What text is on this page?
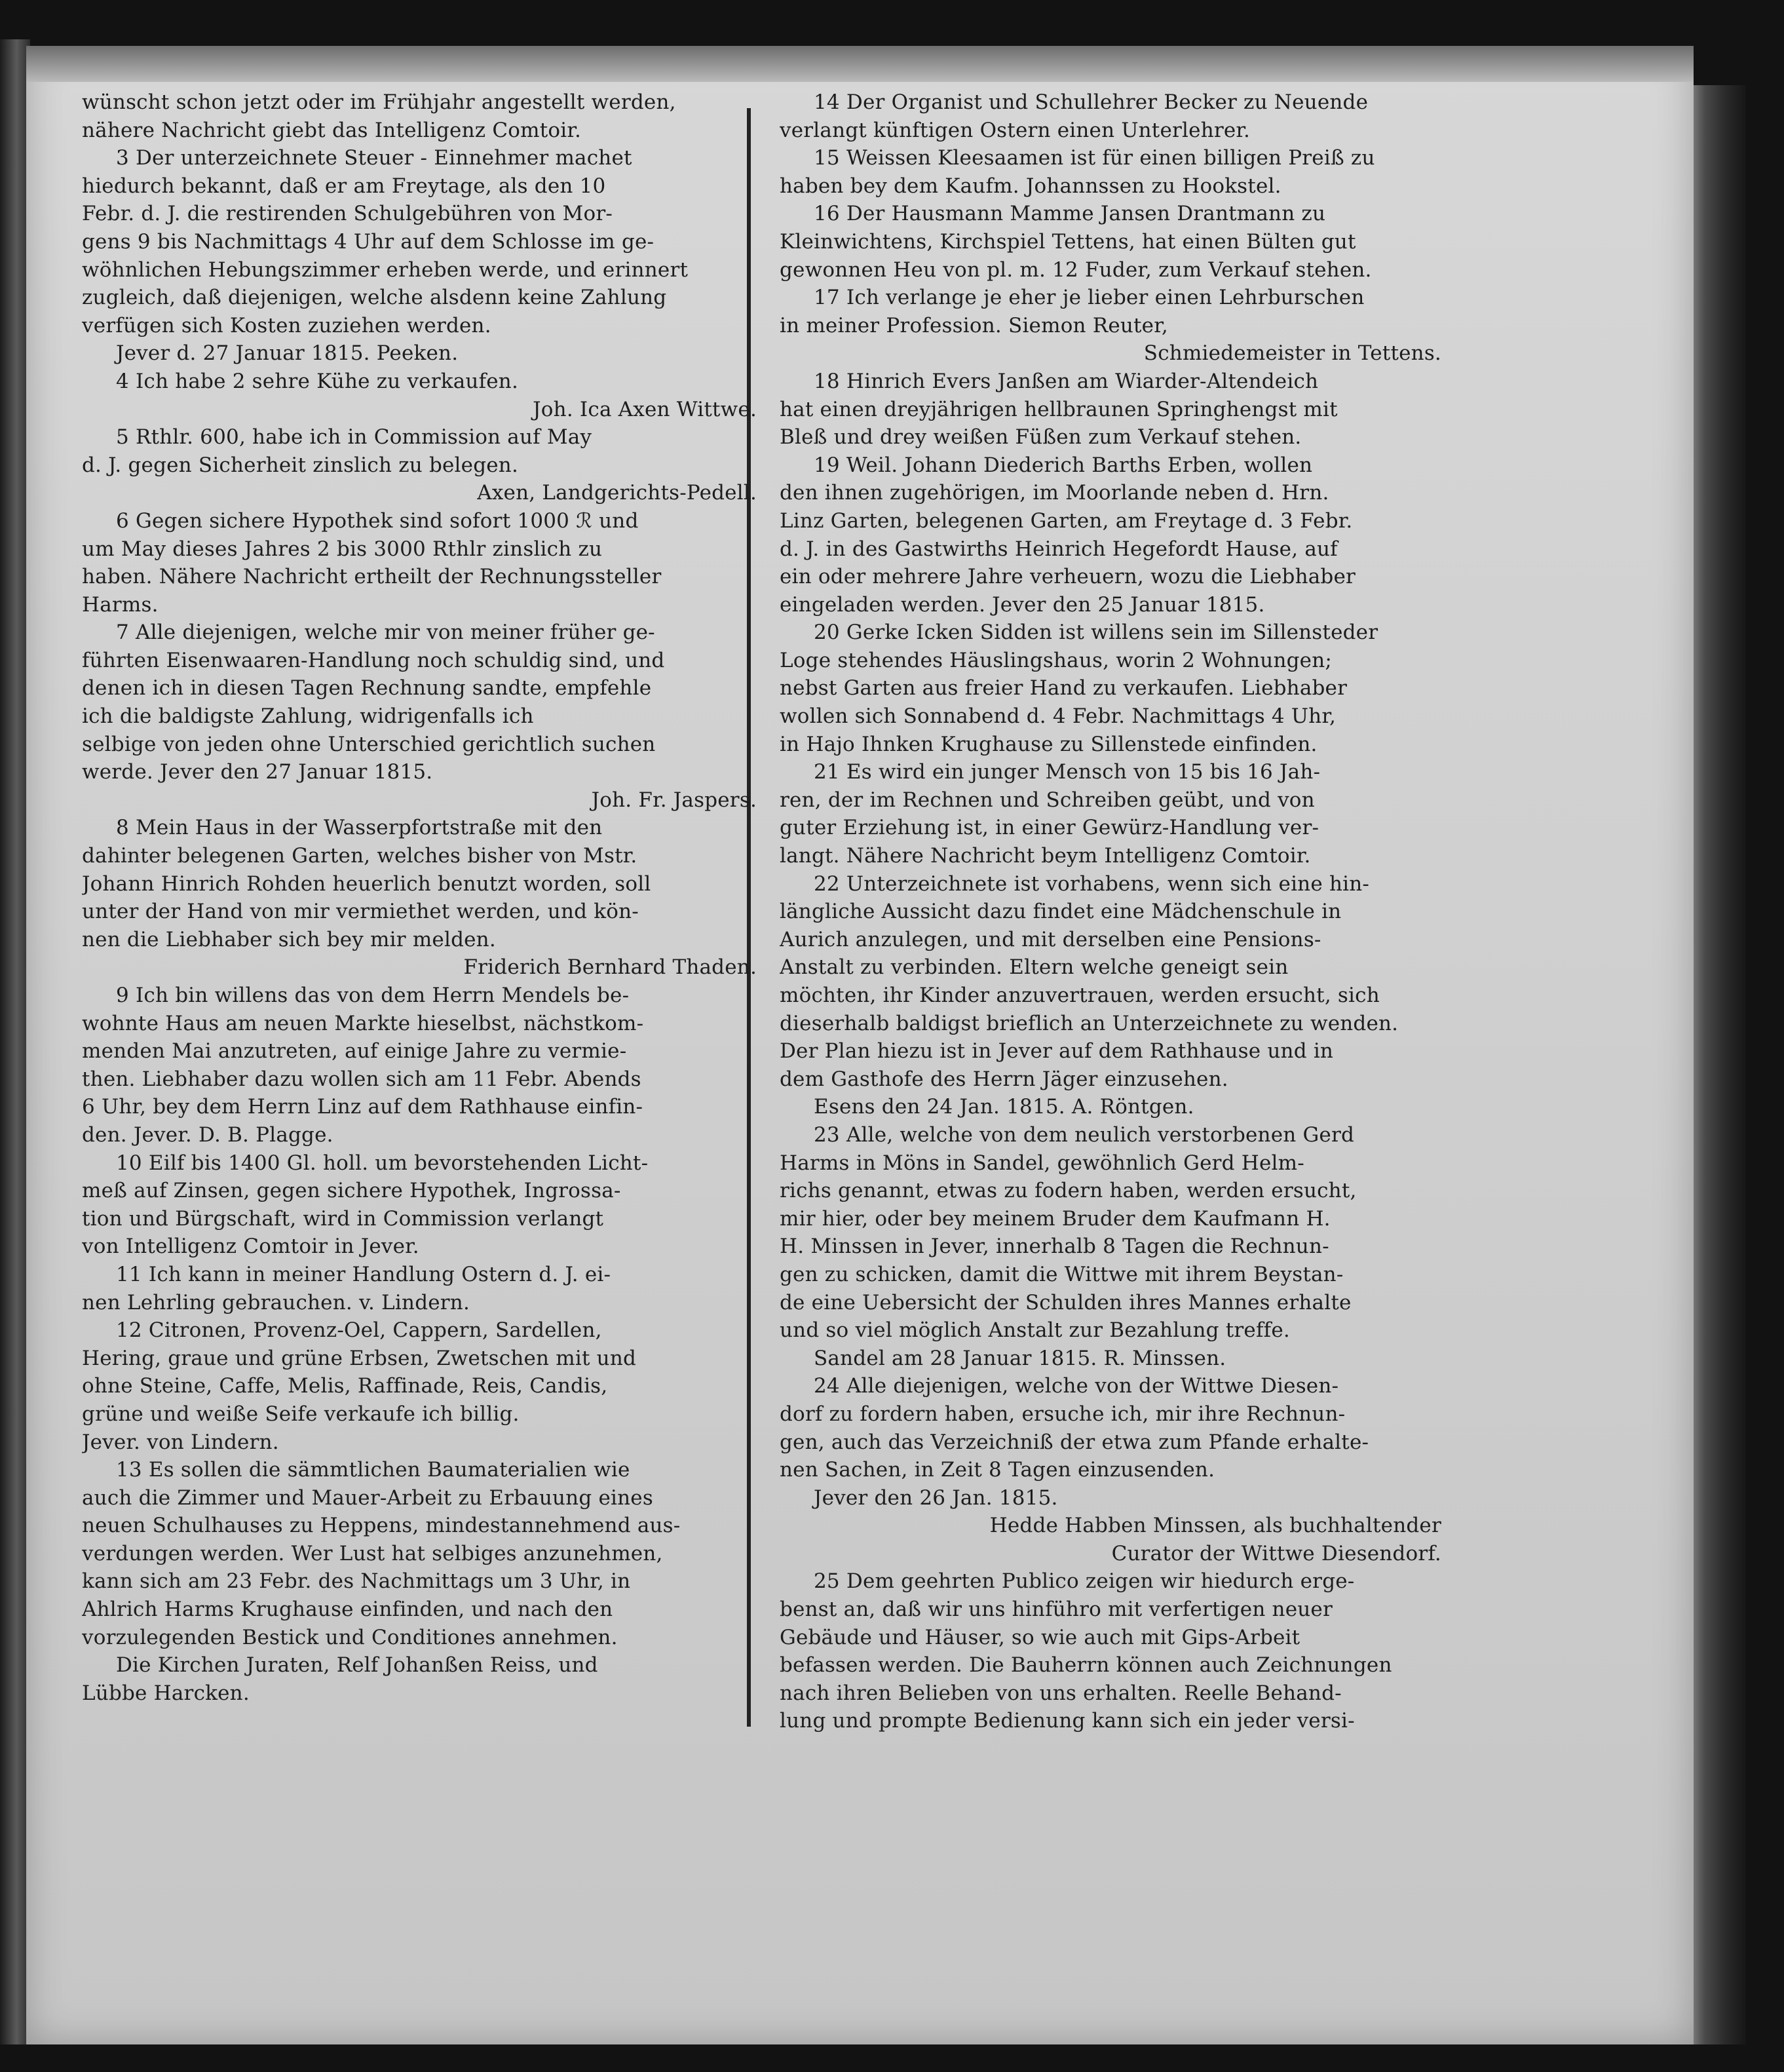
wünscht schon jetzt oder im Frühjahr angestellt werden,
nähere Nachricht giebt das Intelligenz Comtoir.
3 Der unterzeichnete Steuer - Einnehmer machet
hiedurch bekannt, daß er am Freytage, als den 10
Febr. d. J. die restirenden Schulgebühren von Mor-
gens 9 bis Nachmittags 4 Uhr auf dem Schlosse im ge-
wöhnlichen Hebungszimmer erheben werde, und erinnert
zugleich, daß diejenigen, welche alsdenn keine Zahlung
verfügen sich Kosten zuziehen werden.
Jever d. 27 Januar 1815. Peeken.
4 Ich habe 2 sehre Kühe zu verkaufen.
Joh. Ica Axen Wittwe.
5 Rthlr. 600, habe ich in Commission auf May
d. J. gegen Sicherheit zinslich zu belegen.
Axen, Landgerichts-Pedell.
6 Gegen sichere Hypothek sind sofort 1000 ℛ und
um May dieses Jahres 2 bis 3000 Rthlr zinslich zu
haben. Nähere Nachricht ertheilt der Rechnungssteller
Harms.
7 Alle diejenigen, welche mir von meiner früher ge-
führten Eisenwaaren-Handlung noch schuldig sind, und
denen ich in diesen Tagen Rechnung sandte, empfehle
ich die baldigste Zahlung, widrigenfalls ich
selbige von jeden ohne Unterschied gerichtlich suchen
werde. Jever den 27 Januar 1815.
Joh. Fr. Jaspers.
8 Mein Haus in der Wasserpfortstraße mit den
dahinter belegenen Garten, welches bisher von Mstr.
Johann Hinrich Rohden heuerlich benutzt worden, soll
unter der Hand von mir vermiethet werden, und kön-
nen die Liebhaber sich bey mir melden.
Friderich Bernhard Thaden.
9 Ich bin willens das von dem Herrn Mendels be-
wohnte Haus am neuen Markte hieselbst, nächstkom-
menden Mai anzutreten, auf einige Jahre zu vermie-
then. Liebhaber dazu wollen sich am 11 Febr. Abends
6 Uhr, bey dem Herrn Linz auf dem Rathhause einfin-
den. Jever. D. B. Plagge.
10 Eilf bis 1400 Gl. holl. um bevorstehenden Licht-
meß auf Zinsen, gegen sichere Hypothek, Ingrossa-
tion und Bürgschaft, wird in Commission verlangt
von Intelligenz Comtoir in Jever.
11 Ich kann in meiner Handlung Ostern d. J. ei-
nen Lehrling gebrauchen. v. Lindern.
12 Citronen, Provenz-Oel, Cappern, Sardellen,
Hering, graue und grüne Erbsen, Zwetschen mit und
ohne Steine, Caffe, Melis, Raffinade, Reis, Candis,
grüne und weiße Seife verkaufe ich billig.
Jever. von Lindern.
13 Es sollen die sämmtlichen Baumaterialien wie
auch die Zimmer und Mauer-Arbeit zu Erbauung eines
neuen Schulhauses zu Heppens, mindestannehmend aus-
verdungen werden. Wer Lust hat selbiges anzunehmen,
kann sich am 23 Febr. des Nachmittags um 3 Uhr, in
Ahlrich Harms Krughause einfinden, und nach den
vorzulegenden Bestick und Conditiones annehmen.
Die Kirchen Juraten, Relf Johanßen Reiss, und
Lübbe Harcken.
14 Der Organist und Schullehrer Becker zu Neuende
verlangt künftigen Ostern einen Unterlehrer.
15 Weissen Kleesaamen ist für einen billigen Preiß zu
haben bey dem Kaufm. Johannssen zu Hookstel.
16 Der Hausmann Mamme Jansen Drantmann zu
Kleinwichtens, Kirchspiel Tettens, hat einen Bülten gut
gewonnen Heu von pl. m. 12 Fuder, zum Verkauf stehen.
17 Ich verlange je eher je lieber einen Lehrburschen
in meiner Profession. Siemon Reuter,
Schmiedemeister in Tettens.
18 Hinrich Evers Janßen am Wiarder-Altendeich
hat einen dreyjährigen hellbraunen Springhengst mit
Bleß und drey weißen Füßen zum Verkauf stehen.
19 Weil. Johann Diederich Barths Erben, wollen
den ihnen zugehörigen, im Moorlande neben d. Hrn.
Linz Garten, belegenen Garten, am Freytage d. 3 Febr.
d. J. in des Gastwirths Heinrich Hegefordt Hause, auf
ein oder mehrere Jahre verheuern, wozu die Liebhaber
eingeladen werden. Jever den 25 Januar 1815.
20 Gerke Icken Sidden ist willens sein im Sillensteder
Loge stehendes Häuslingshaus, worin 2 Wohnungen;
nebst Garten aus freier Hand zu verkaufen. Liebhaber
wollen sich Sonnabend d. 4 Febr. Nachmittags 4 Uhr,
in Hajo Ihnken Krughause zu Sillenstede einfinden.
21 Es wird ein junger Mensch von 15 bis 16 Jah-
ren, der im Rechnen und Schreiben geübt, und von
guter Erziehung ist, in einer Gewürz-Handlung ver-
langt. Nähere Nachricht beym Intelligenz Comtoir.
22 Unterzeichnete ist vorhabens, wenn sich eine hin-
längliche Aussicht dazu findet eine Mädchenschule in
Aurich anzulegen, und mit derselben eine Pensions-
Anstalt zu verbinden. Eltern welche geneigt sein
möchten, ihr Kinder anzuvertrauen, werden ersucht, sich
dieserhalb baldigst brieflich an Unterzeichnete zu wenden.
Der Plan hiezu ist in Jever auf dem Rathhause und in
dem Gasthofe des Herrn Jäger einzusehen.
Esens den 24 Jan. 1815. A. Röntgen.
23 Alle, welche von dem neulich verstorbenen Gerd
Harms in Möns in Sandel, gewöhnlich Gerd Helm-
richs genannt, etwas zu fodern haben, werden ersucht,
mir hier, oder bey meinem Bruder dem Kaufmann H.
H. Minssen in Jever, innerhalb 8 Tagen die Rechnun-
gen zu schicken, damit die Wittwe mit ihrem Beystan-
de eine Uebersicht der Schulden ihres Mannes erhalte
und so viel möglich Anstalt zur Bezahlung treffe.
Sandel am 28 Januar 1815. R. Minssen.
24 Alle diejenigen, welche von der Wittwe Diesen-
dorf zu fordern haben, ersuche ich, mir ihre Rechnun-
gen, auch das Verzeichniß der etwa zum Pfande erhalte-
nen Sachen, in Zeit 8 Tagen einzusenden.
Jever den 26 Jan. 1815.
Hedde Habben Minssen, als buchhaltender
Curator der Wittwe Diesendorf.
25 Dem geehrten Publico zeigen wir hiedurch erge-
benst an, daß wir uns hinführo mit verfertigen neuer
Gebäude und Häuser, so wie auch mit Gips-Arbeit
befassen werden. Die Bauherrn können auch Zeichnungen
nach ihren Belieben von uns erhalten. Reelle Behand-
lung und prompte Bedienung kann sich ein jeder versi-
